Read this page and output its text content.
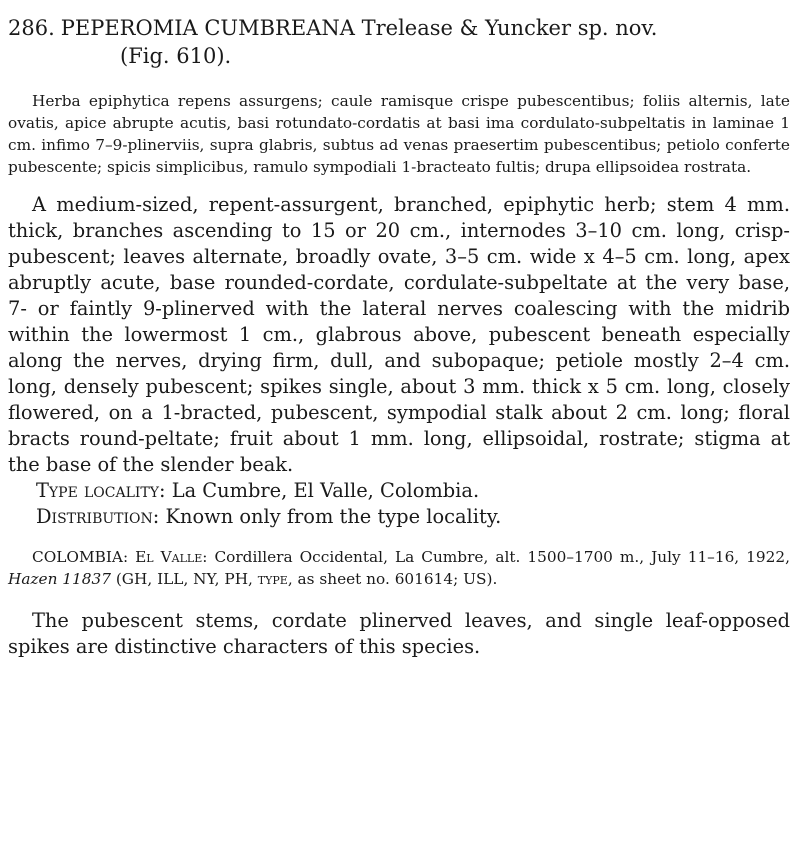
286. PEPEROMIA CUMBREANA Trelease & Yuncker sp. nov.
(Fig. 610).

Herba epiphytica repens assurgens; caule ramisque crispe pubescentibus; foliis alternis, late ovatis, apice abrupte acutis, basi rotundato-cordatis at basi ima cordulato-subpeltatis in laminae 1 cm. infimo 7–9-plinerviis, supra glabris, subtus ad venas praesertim pubescentibus; petiolo conferte pubescente; spicis simplicibus, ramulo sympodiali 1-bracteato fultis; drupa ellipsoidea rostrata.

A medium-sized, repent-assurgent, branched, epiphytic herb; stem 4 mm. thick, branches ascending to 15 or 20 cm., internodes 3–10 cm. long, crisp-pubescent; leaves alternate, broadly ovate, 3–5 cm. wide x 4–5 cm. long, apex abruptly acute, base rounded-cordate, cordulate-subpeltate at the very base, 7- or faintly 9-plinerved with the lateral nerves coalescing with the midrib within the lowermost 1 cm., glabrous above, pubescent beneath especially along the nerves, drying firm, dull, and subopaque; petiole mostly 2–4 cm. long, densely pubescent; spikes single, about 3 mm. thick x 5 cm. long, closely flowered, on a 1-bracted, pubescent, sympodial stalk about 2 cm. long; floral bracts round-peltate; fruit about 1 mm. long, ellipsoidal, rostrate; stigma at the base of the slender beak.

Type locality: La Cumbre, El Valle, Colombia.

Distribution: Known only from the type locality.

COLOMBIA: El Valle: Cordillera Occidental, La Cumbre, alt. 1500–1700 m., July 11–16, 1922, Hazen 11837 (GH, ILL, NY, PH, type, as sheet no. 601614; US).

The pubescent stems, cordate plinerved leaves, and single leaf-opposed spikes are distinctive characters of this species.
